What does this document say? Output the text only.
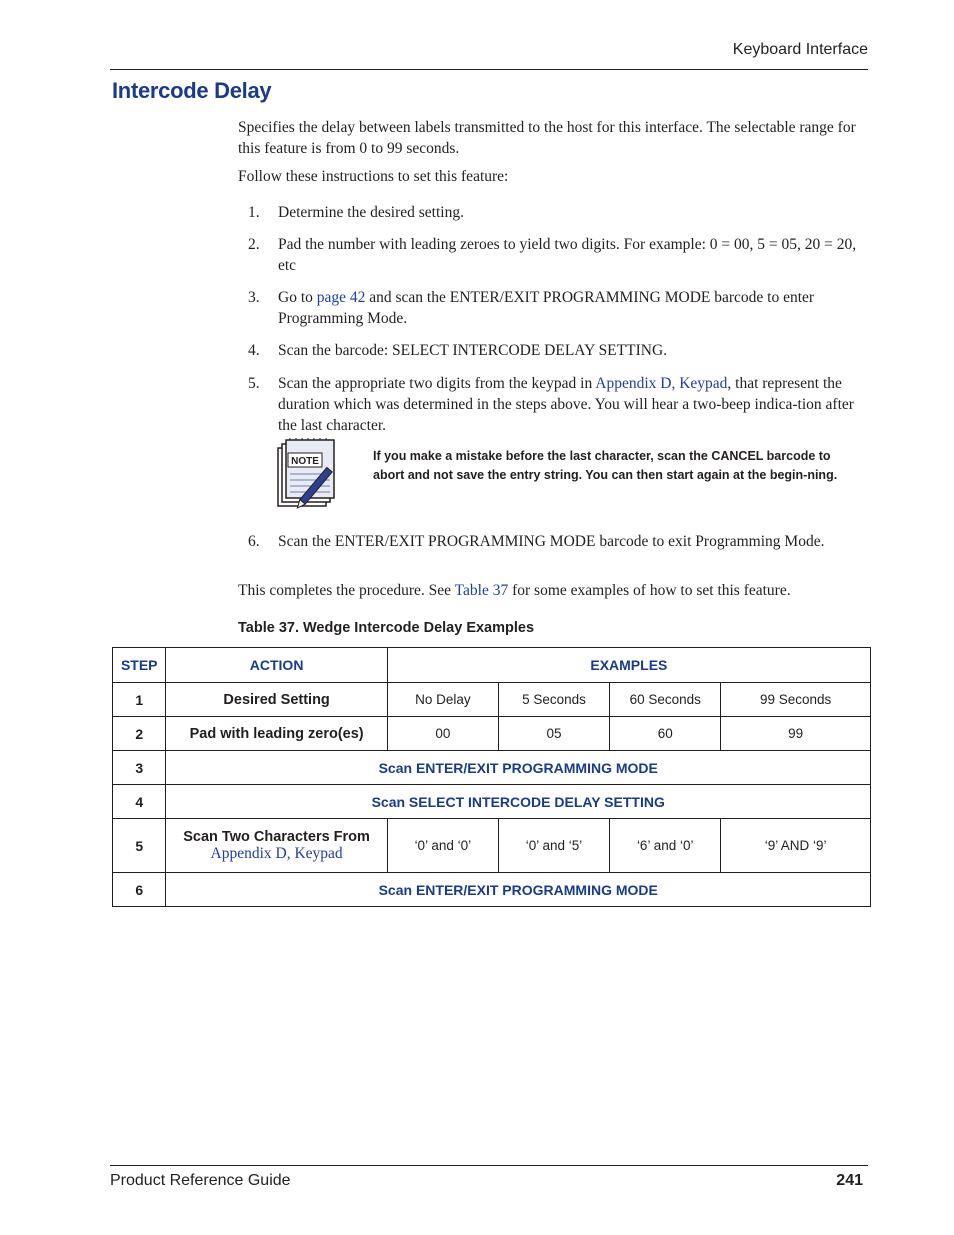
Keyboard Interface
Intercode Delay

Specifies the delay between labels transmitted to the host for this interface. The selectable range for this feature is from 0 to 99 seconds.

Follow these instructions to set this feature:

1. Determine the desired setting.
2. Pad the number with leading zeroes to yield two digits. For example: 0 = 00, 5 = 05, 20 = 20, etc
3. Go to page 42 and scan the ENTER/EXIT PROGRAMMING MODE barcode to enter Programming Mode.
4. Scan the barcode: SELECT INTERCODE DELAY SETTING.
5. Scan the appropriate two digits from the keypad in Appendix D, Keypad, that represent the duration which was determined in the steps above. You will hear a two-beep indica-tion after the last character.
6. Scan the ENTER/EXIT PROGRAMMING MODE barcode to exit Programming Mode.
NOTE	If you make a mistake before the last character, scan the CANCEL barcode to abort and not save the entry string. You can then start again at the begin-ning.

This completes the procedure. See Table 37 for some examples of how to set this feature.

Table 37. Wedge Intercode Delay Examples
STEP	ACTION	EXAMPLES			
1	Desired Setting	No Delay	5 Seconds	60 Seconds	99 Seconds
2	Pad with leading zero(es)	00	05	60	99
3	Scan ENTER/EXIT PROGRAMMING MODE				
4	Scan SELECT INTERCODE DELAY SETTING				
5	Scan Two Characters From
Appendix D, Keypad	‘0’ and ‘0’	‘0’ and ‘5’	‘6’ and ‘0’	‘9’ AND ‘9’
6	Scan ENTER/EXIT PROGRAMMING MODE				
Product Reference Guide	241
